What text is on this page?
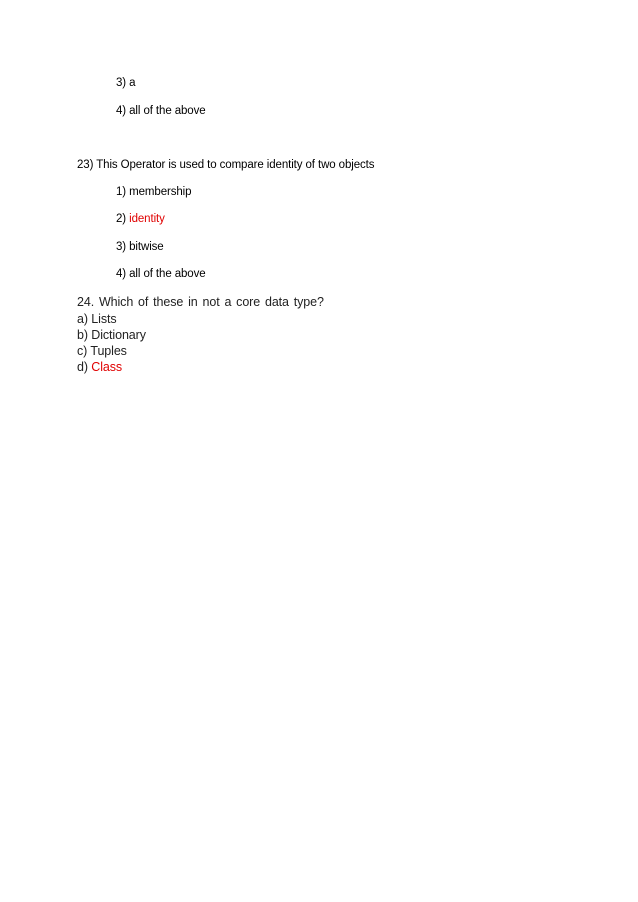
3) a
4) all of the above
23) This Operator is used to compare identity of two objects
1) membership
2) identity
3) bitwise
4) all of the above
24. Which of these in not a core data type?
a) Lists
b) Dictionary
c) Tuples
d) Class
